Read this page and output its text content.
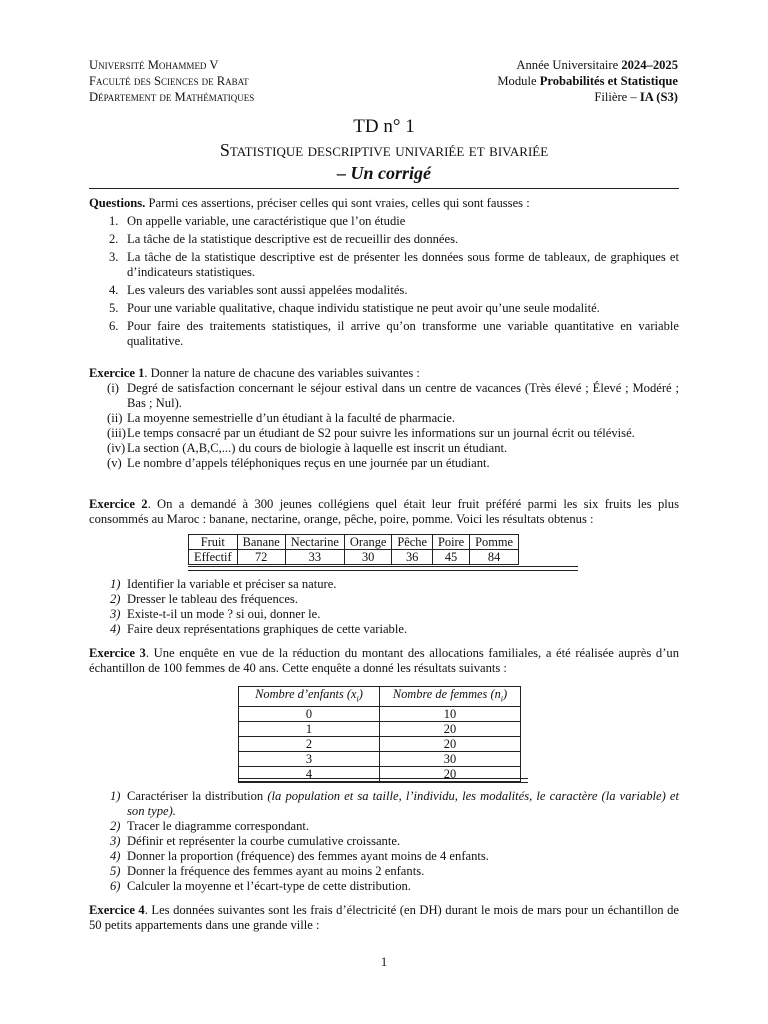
Université Mohammed V
Faculté des Sciences de Rabat
Département de Mathématiques
Année Universitaire 2024–2025
Module Probabilités et Statistique
Filière – IA (S3)
TD n° 1
Statistique descriptive univariée et bivariée
– Un corrigé
Questions. Parmi ces assertions, préciser celles qui sont vraies, celles qui sont fausses :
1. On appelle variable, une caractéristique que l’on étudie
2. La tâche de la statistique descriptive est de recueillir des données.
3. La tâche de la statistique descriptive est de présenter les données sous forme de tableaux, de graphiques et d’indicateurs statistiques.
4. Les valeurs des variables sont aussi appelées modalités.
5. Pour une variable qualitative, chaque individu statistique ne peut avoir qu’une seule modalité.
6. Pour faire des traitements statistiques, il arrive qu’on transforme une variable quantitative en variable qualitative.
Exercice 1. Donner la nature de chacune des variables suivantes :
(i) Degré de satisfaction concernant le séjour estival dans un centre de vacances (Très élevé ; Élevé ; Modéré ; Bas ; Nul).
(ii) La moyenne semestrielle d’un étudiant à la faculté de pharmacie.
(iii) Le temps consacré par un étudiant de S2 pour suivre les informations sur un journal écrit ou télévisé.
(iv) La section (A,B,C,...) du cours de biologie à laquelle est inscrit un étudiant.
(v) Le nombre d’appels téléphoniques reçus en une journée par un étudiant.
Exercice 2. On a demandé à 300 jeunes collégiens quel était leur fruit préféré parmi les six fruits les plus consommés au Maroc : banane, nectarine, orange, pêche, poire, pomme. Voici les résultats obtenus :
Fruit	Banane	Nectarine	Orange	Pêche	Poire	Pomme
Effectif	72	33	30	36	45	84
1) Identifier la variable et préciser sa nature.
2) Dresser le tableau des fréquences.
3) Existe-t-il un mode ? si oui, donner le.
4) Faire deux représentations graphiques de cette variable.
Exercice 3. Une enquête en vue de la réduction du montant des allocations familiales, a été réalisée auprès d’un échantillon de 100 femmes de 40 ans. Cette enquête a donné les résultats suivants :
Nombre d’enfants $(x_i)$	Nombre de femmes $(n_i)$
0	10
1	20
2	20
3	30
4	20
1) Caractériser la distribution (la population et sa taille, l’individu, les modalités, le caractère (la variable) et son type).
2) Tracer le diagramme correspondant.
3) Définir et représenter la courbe cumulative croissante.
4) Donner la proportion (fréquence) des femmes ayant moins de 4 enfants.
5) Donner la fréquence des femmes ayant au moins 2 enfants.
6) Calculer la moyenne et l’écart-type de cette distribution.
Exercice 4. Les données suivantes sont les frais d’électricité (en DH) durant le mois de mars pour un échantillon de 50 petits appartements dans une grande ville :
1
